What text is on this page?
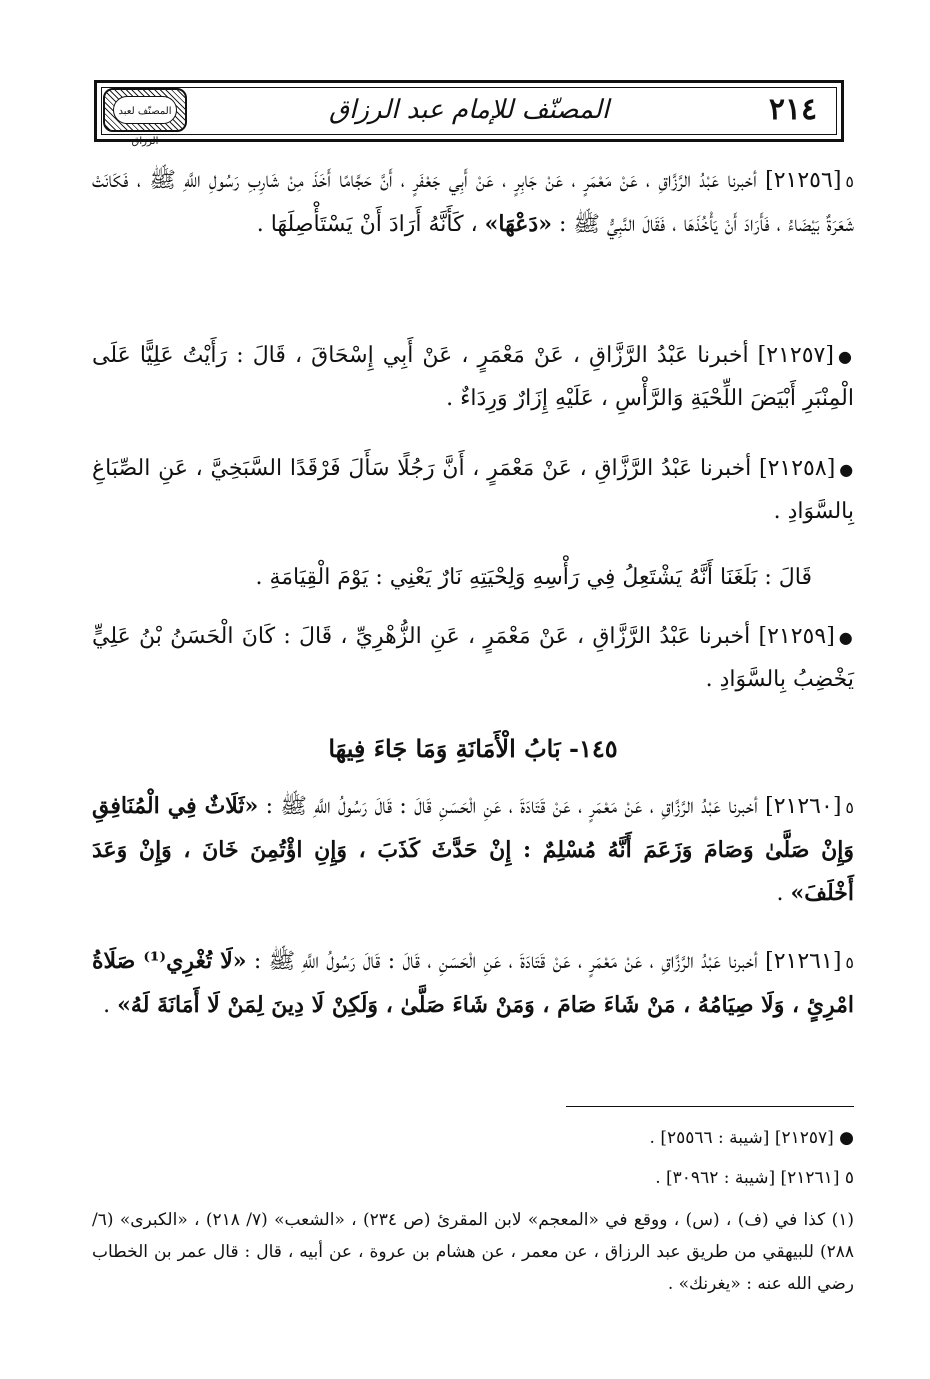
٢١٤
المصنّف للإمام عبد الرزاق
المصنّف لعبد الرزاق
٥[٢١٢٥٦] أخبرنا عَبْدُ الرَّزَّاقِ ، عَنْ مَعْمَرٍ ، عَنْ جَابِرٍ ، عَنْ أَبِي جَعْفَرٍ ، أَنَّ حَجَّامًا أَخَذَ مِنْ شَارِبِ رَسُولِ اللَّهِ ﷺ ، فَكَانَتْ شَعَرَةٌ بَيْضَاءُ ، فَأَرَادَ أَنْ يَأْخُذَهَا ، فَقَالَ النَّبِيُّ ﷺ : «دَعْهَا» ، كَأَنَّهُ أَرَادَ أَنْ يَسْتَأْصِلَهَا .
●[٢١٢٥٧] أخبرنا عَبْدُ الرَّزَّاقِ ، عَنْ مَعْمَرٍ ، عَنْ أَبِي إِسْحَاقَ ، قَالَ : رَأَيْتُ عَلِيًّا عَلَى الْمِنْبَرِ أَبْيَضَ اللِّحْيَةِ وَالرَّأْسِ ، عَلَيْهِ إِزَارٌ وَرِدَاءٌ .
●[٢١٢٥٨] أخبرنا عَبْدُ الرَّزَّاقِ ، عَنْ مَعْمَرٍ ، أَنَّ رَجُلًا سَأَلَ فَرْقَدًا السَّبَخِيَّ ، عَنِ الصِّبَاغِ بِالسَّوَادِ .
قَالَ : بَلَغَنَا أَنَّهُ يَشْتَعِلُ فِي رَأْسِهِ وَلِحْيَتِهِ نَارٌ يَعْنِي : يَوْمَ الْقِيَامَةِ .
●[٢١٢٥٩] أخبرنا عَبْدُ الرَّزَّاقِ ، عَنْ مَعْمَرٍ ، عَنِ الزُّهْرِيِّ ، قَالَ : كَانَ الْحَسَنُ بْنُ عَلِيٍّ يَخْضِبُ بِالسَّوَادِ .
١٤٥- بَابُ الْأَمَانَةِ وَمَا جَاءَ فِيهَا
٥[٢١٢٦٠] أخبرنا عَبْدُ الرَّزَّاقِ ، عَنْ مَعْمَرٍ ، عَنْ قَتَادَةَ ، عَنِ الْحَسَنِ قَالَ : قَالَ رَسُولُ اللَّهِ ﷺ : «ثَلَاثٌ فِي الْمُنَافِقِ وَإِنْ صَلَّىٰ وَصَامَ وَزَعَمَ أَنَّهُ مُسْلِمٌ : إِنْ حَدَّثَ كَذَبَ ، وَإِنِ اؤْتُمِنَ خَانَ ، وَإِنْ وَعَدَ أَخْلَفَ» .
٥[٢١٢٦١] أخبرنا عَبْدُ الرَّزَّاقِ ، عَنْ مَعْمَرٍ ، عَنْ قَتَادَةَ ، عَنِ الْحَسَنِ ، قَالَ : قَالَ رَسُولُ اللَّهِ ﷺ : «لَا تُغْرِي⁽¹⁾ صَلَاةُ امْرِئٍ ، وَلَا صِيَامُهُ ، مَنْ شَاءَ صَامَ ، وَمَنْ شَاءَ صَلَّىٰ ، وَلَكِنْ لَا دِينَ لِمَنْ لَا أَمَانَةَ لَهُ» .
● [٢١٢٥٧] [شيبة : ٢٥٥٦٦] .
٥ [٢١٢٦١] [شيبة : ٣٠٩٦٢] .
(١) كذا في (ف) ، (س) ، ووقع في «المعجم» لابن المقرئ (ص ٢٣٤) ، «الشعب» (٧/ ٢١٨) ، «الكبرى» (٦/ ٢٨٨) للبيهقي من طريق عبد الرزاق ، عن معمر ، عن هشام بن عروة ، عن أبيه ، قال : قال عمر بن الخطاب رضي الله عنه : «يغرنك» .
